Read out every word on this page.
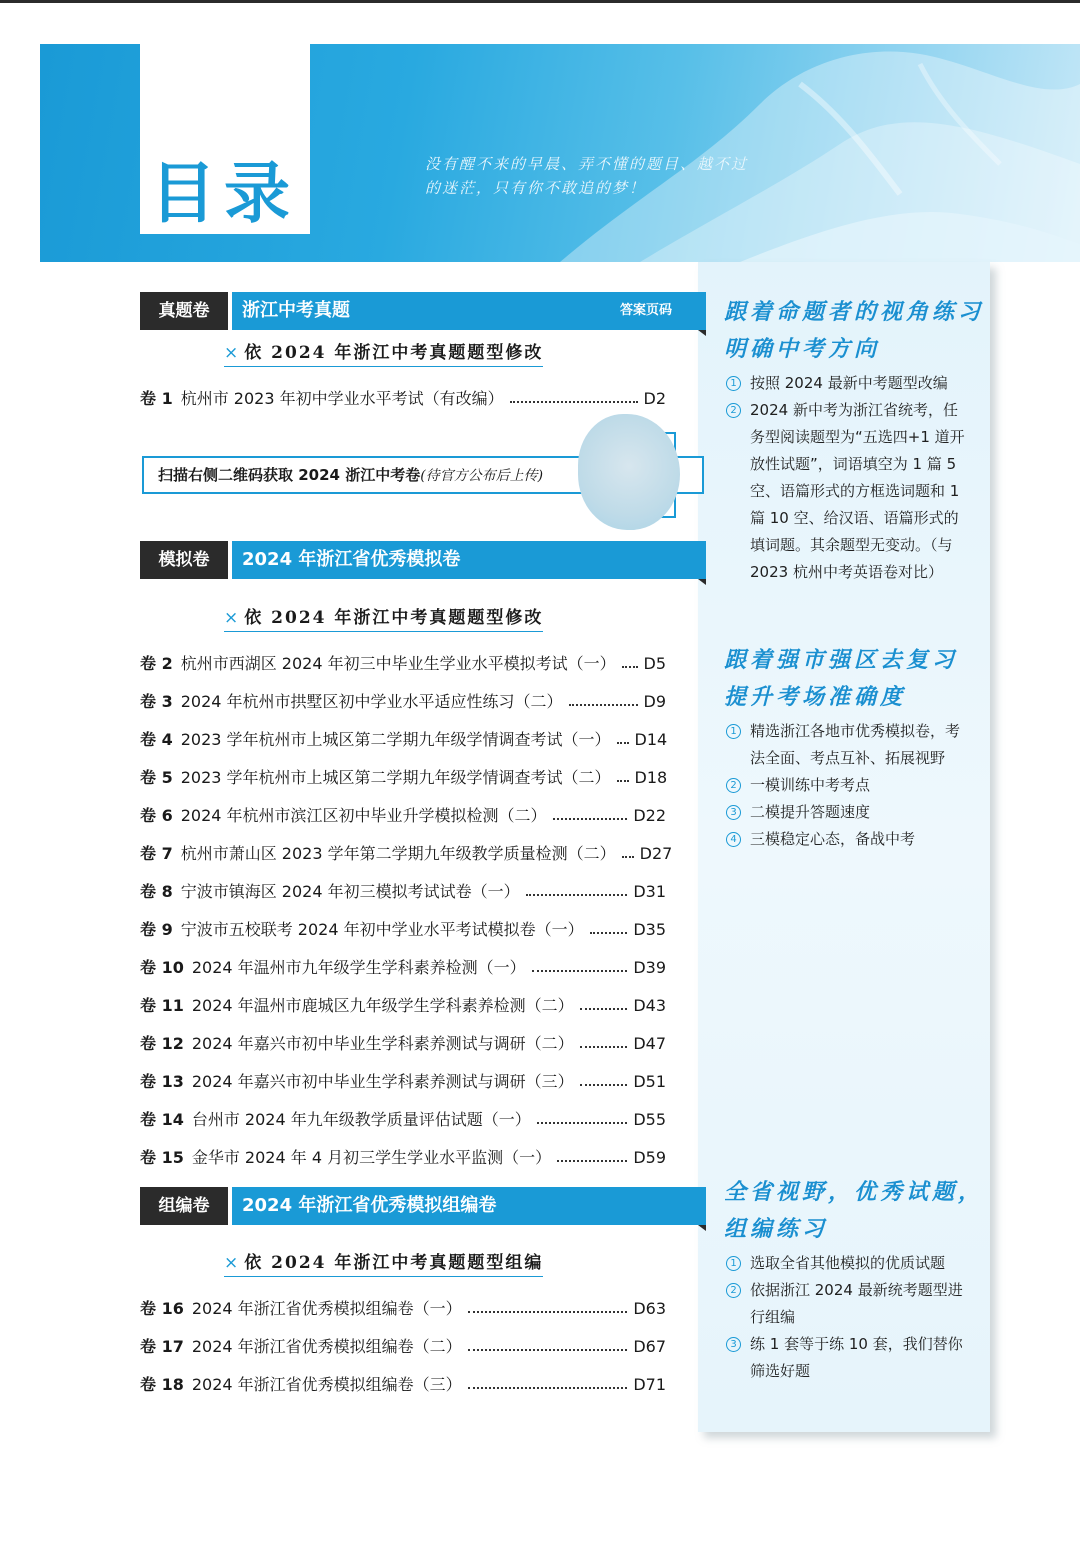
目录	没有醒不来的早晨、弄不懂的题目、越不过
的迷茫，只有你不敢追的梦！
跟着命题者的视角练习
明确中考方向
1 按照 2024 最新中考题型改编
2 2024 新中考为浙江省统考，任务型阅读题型为“五选四+1 道开放性试题”，词语填空为 1 篇 5 空、语篇形式的方框选词题和 1 篇 10 空、给汉语、语篇形式的填词题。其余题型无变动。（与 2023 杭州中考英语卷对比）
跟着强市强区去复习
提升考场准确度
1 精选浙江各地市优秀模拟卷，考法全面、考点互补、拓展视野
2 一模训练中考考点
3 二模提升答题速度
4 三模稳定心态，备战中考
全省视野，优秀试题，
组编练习
1 选取全省其他模拟的优质试题
2 依据浙江 2024 最新统考题型进行组编
3 练 1 套等于练 10 套，我们替你筛选好题
真题卷	浙江中考真题	答案页码
× 依 2024 年浙江中考真题题型修改
卷 1 杭州市 2023 年初中学业水平考试（有改编）	D2
扫描右侧二维码获取 2024 浙江中考卷(待官方公布后上传)
模拟卷	2024 年浙江省优秀模拟卷
× 依 2024 年浙江中考真题题型修改
卷 2 杭州市西湖区 2024 年初三中毕业生学业水平模拟考试（一） D5
卷 3 2024 年杭州市拱墅区初中学业水平适应性练习（二）	D9
卷 4 2023 学年杭州市上城区第二学期九年级学情调查考试（一） D14
卷 5 2023 学年杭州市上城区第二学期九年级学情调查考试（二） D18
卷 6 2024 年杭州市滨江区初中毕业升学模拟检测（二）	D22
卷 7 杭州市萧山区 2023 学年第二学期九年级教学质量检测（二） D27
卷 8 宁波市镇海区 2024 年初三模拟考试试卷（一）	D31
卷 9 宁波市五校联考 2024 年初中学业水平考试模拟卷（一）	D35
卷 10 2024 年温州市九年级学生学科素养检测（一）	D39
卷 11 2024 年温州市鹿城区九年级学生学科素养检测（二）	D43
卷 12 2024 年嘉兴市初中毕业生学科素养测试与调研（二）	D47
卷 13 2024 年嘉兴市初中毕业生学科素养测试与调研（三）	D51
卷 14 台州市 2024 年九年级教学质量评估试题（一）	D55
卷 15 金华市 2024 年 4 月初三学生学业水平监测（一）	D59
组编卷	2024 年浙江省优秀模拟组编卷
× 依 2024 年浙江中考真题题型组编
卷 16 2024 年浙江省优秀模拟组编卷（一）	D63
卷 17 2024 年浙江省优秀模拟组编卷（二）	D67
卷 18 2024 年浙江省优秀模拟组编卷（三）	D71
